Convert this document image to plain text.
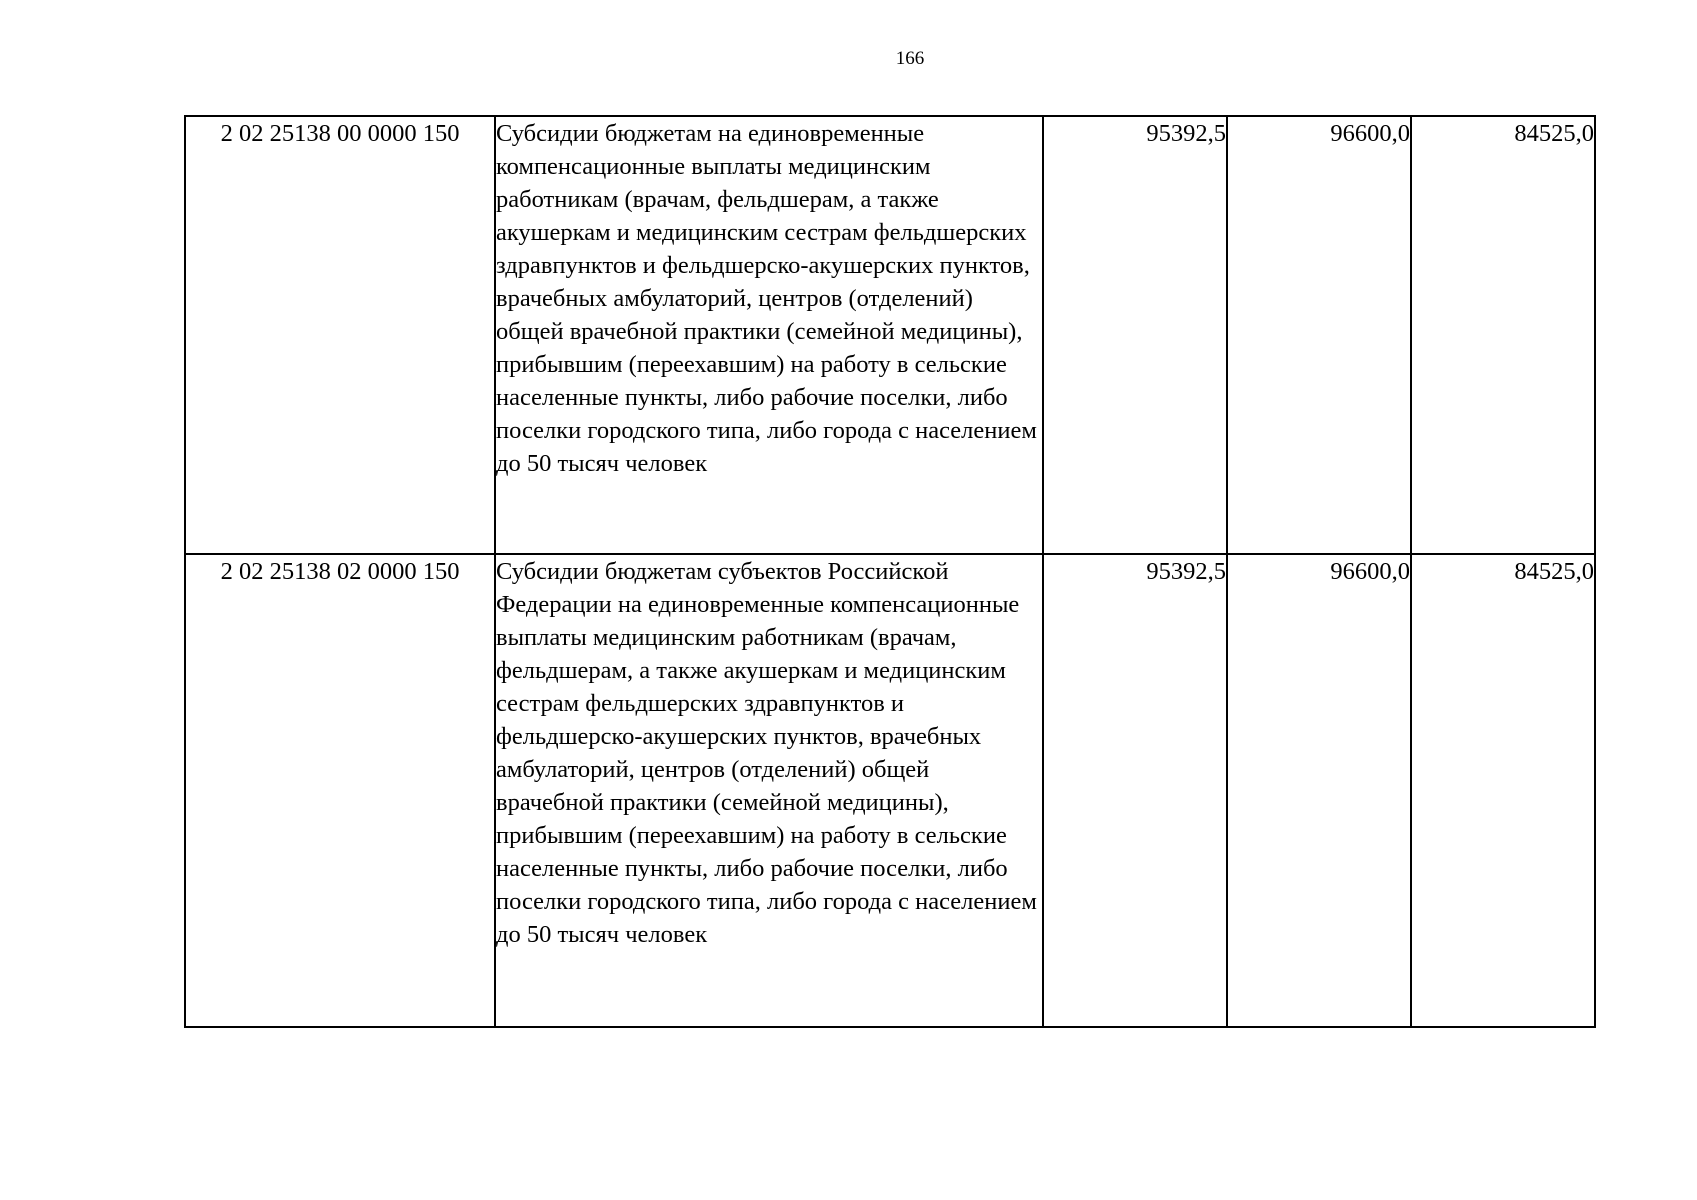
166
2 02 25138 00 0000 150	Субсидии бюджетам на единовременные компенсационные выплаты медицинским работникам (врачам, фельдшерам, а также акушеркам и медицинским сестрам фельдшерских здравпунктов и фельдшерско-акушерских пунктов, врачебных амбулаторий, центров (отделений) общей врачебной практики (семейной медицины), прибывшим (переехавшим) на работу в сельские населенные пункты, либо рабочие поселки, либо поселки городского типа, либо города с населением до 50 тысяч человек	95392,5	96600,0	84525,0
2 02 25138 02 0000 150	Субсидии бюджетам субъектов Российской Федерации на единовременные компенсационные выплаты медицинским работникам (врачам, фельдшерам, а также акушеркам и медицинским сестрам фельдшерских здравпунктов и фельдшерско-акушерских пунктов, врачебных амбулаторий, центров (отделений) общей врачебной практики (семейной медицины), прибывшим (переехавшим) на работу в сельские населенные пункты, либо рабочие поселки, либо поселки городского типа, либо города с населением до 50 тысяч человек	95392,5	96600,0	84525,0
